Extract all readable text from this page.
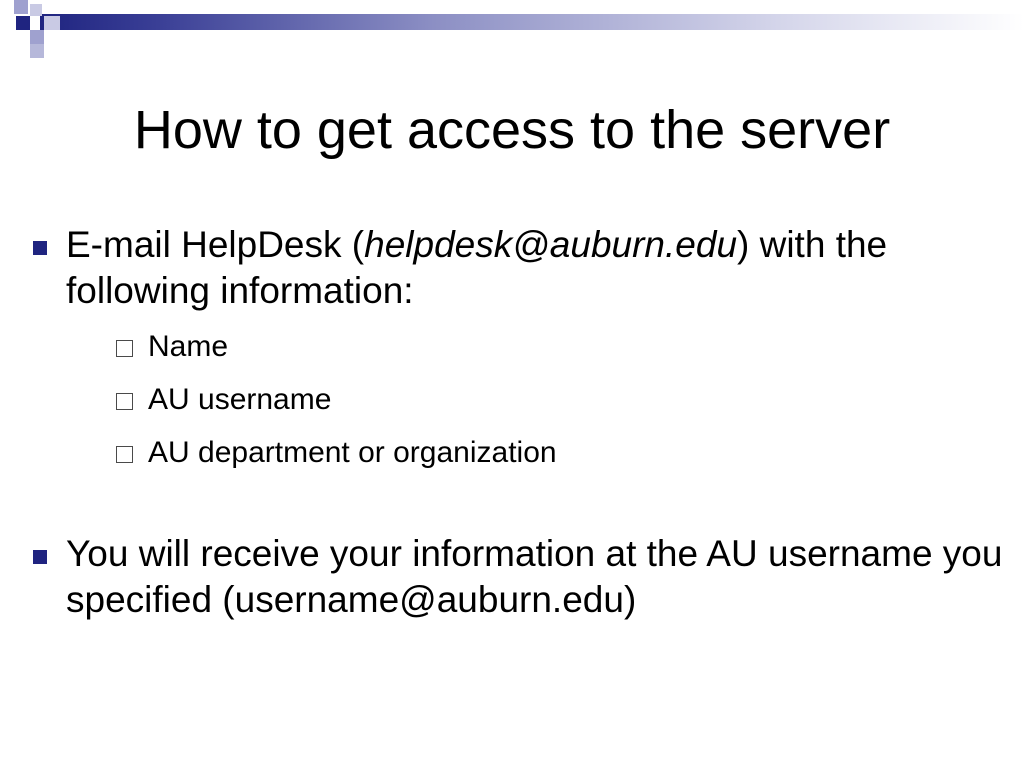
How to get access to the server
E-mail HelpDesk (helpdesk@auburn.edu) with the following information:
Name
AU username
AU department or organization
You will receive your information at the AU username you specified (username@auburn.edu)
